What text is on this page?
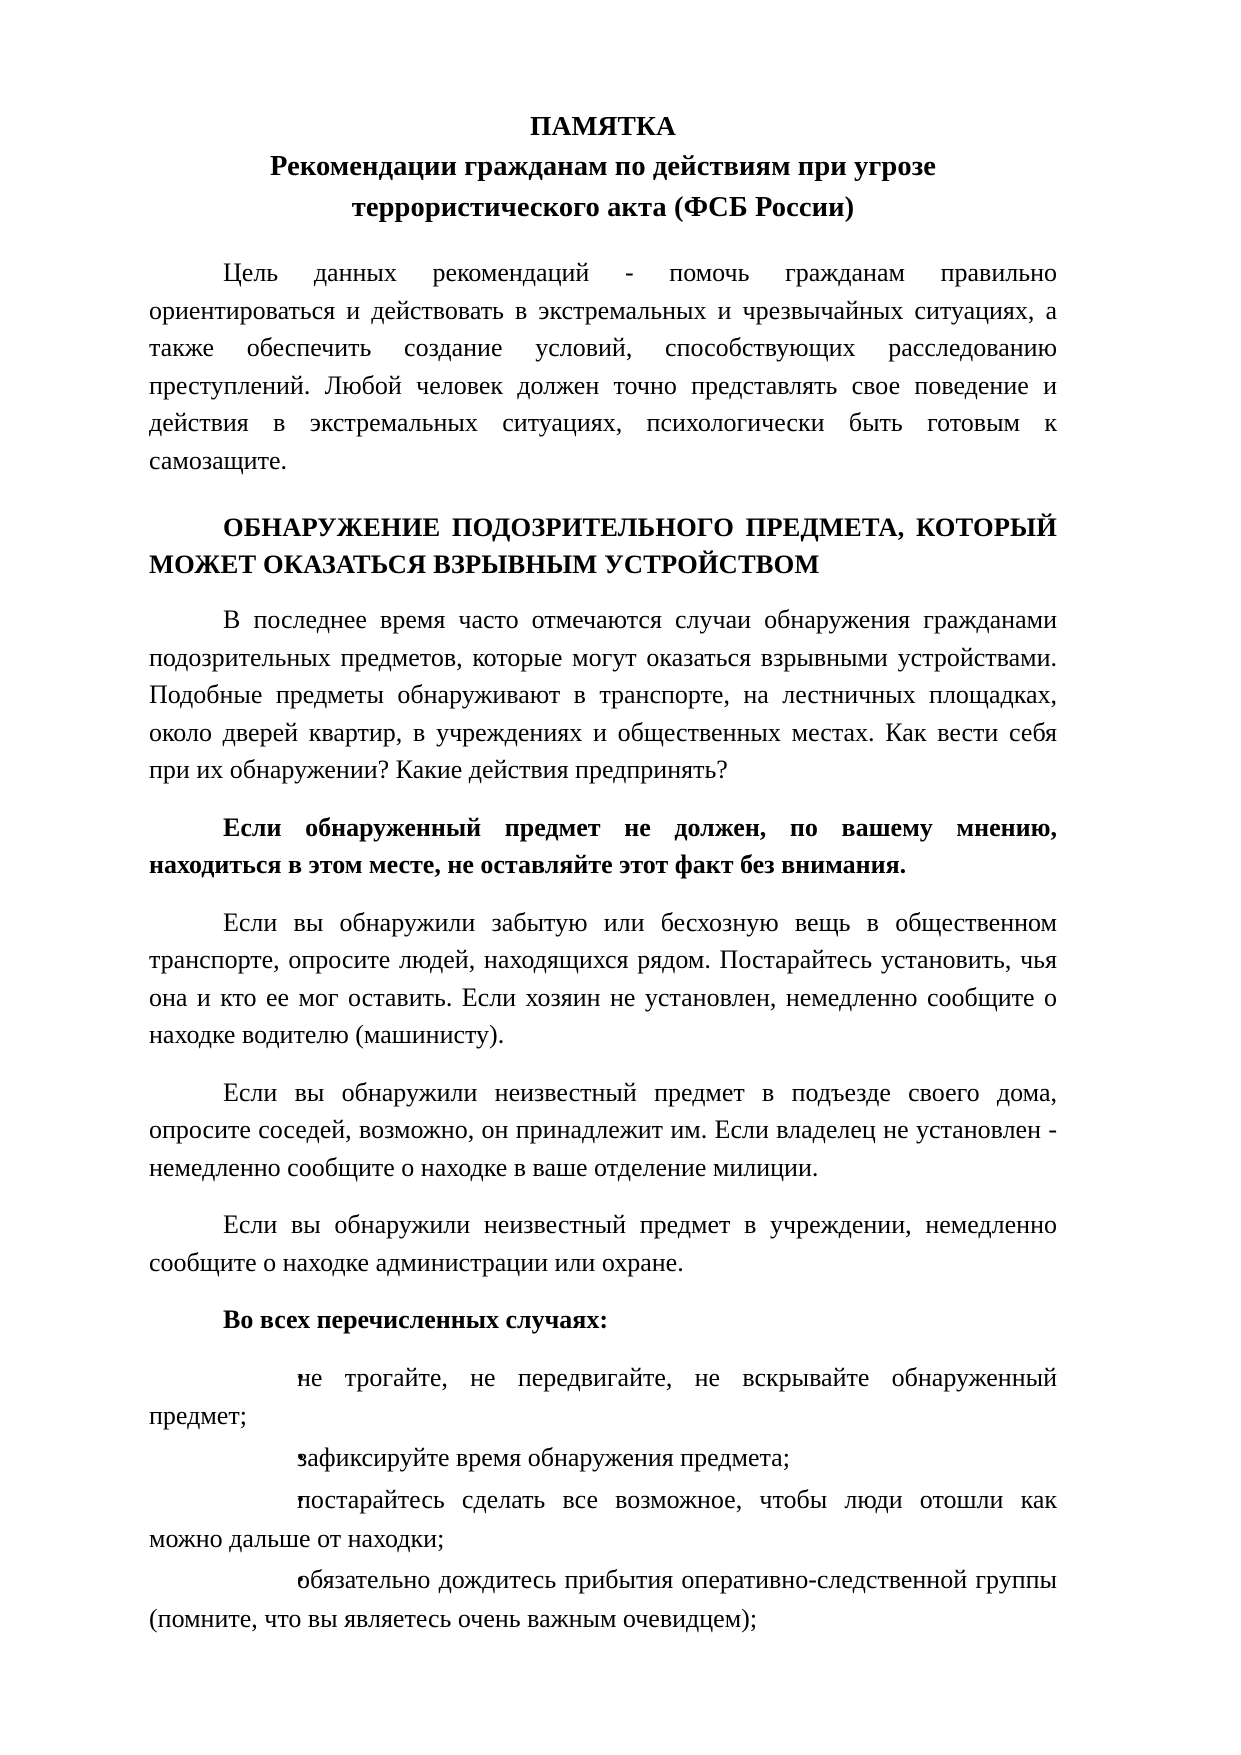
ПАМЯТКА
Рекомендации гражданам по действиям при угрозе
террористического акта (ФСБ России)

Цель данных рекомендаций - помочь гражданам правильно ориентироваться и действовать в экстремальных и чрезвычайных ситуациях, а также обеспечить создание условий, способствующих расследованию преступлений. Любой человек должен точно представлять свое поведение и действия в экстремальных ситуациях, психологически быть готовым к самозащите.

ОБНАРУЖЕНИЕ ПОДОЗРИТЕЛЬНОГО ПРЕДМЕТА, КОТОРЫЙ МОЖЕТ ОКАЗАТЬСЯ ВЗРЫВНЫМ УСТРОЙСТВОМ

В последнее время часто отмечаются случаи обнаружения гражданами подозрительных предметов, которые могут оказаться взрывными устройствами. Подобные предметы обнаруживают в транспорте, на лестничных площадках, около дверей квартир, в учреждениях и общественных местах. Как вести себя при их обнаружении? Какие действия предпринять?

Если обнаруженный предмет не должен, по вашему мнению, находиться в этом месте, не оставляйте этот факт без внимания.

Если вы обнаружили забытую или бесхозную вещь в общественном транспорте, опросите людей, находящихся рядом. Постарайтесь установить, чья она и кто ее мог оставить. Если хозяин не установлен, немедленно сообщите о находке водителю (машинисту).

Если вы обнаружили неизвестный предмет в подъезде своего дома, опросите соседей, возможно, он принадлежит им. Если владелец не установлен - немедленно сообщите о находке в ваше отделение милиции.

Если вы обнаружили неизвестный предмет в учреждении, немедленно сообщите о находке администрации или охране.

Во всех перечисленных случаях:

•не трогайте, не передвигайте, не вскрывайте обнаруженный предмет;
•зафиксируйте время обнаружения предмета;
•постарайтесь сделать все возможное, чтобы люди отошли как можно дальше от находки;
•обязательно дождитесь прибытия оперативно-следственной группы (помните, что вы являетесь очень важным очевидцем);
